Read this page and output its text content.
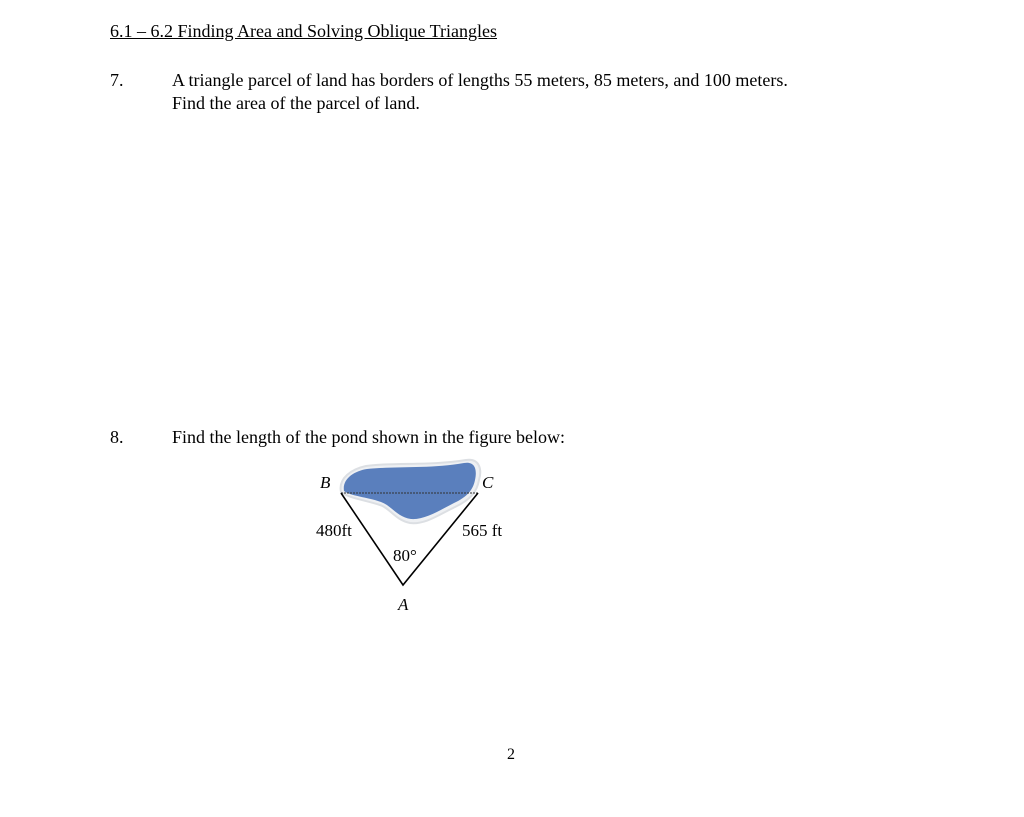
6.1 – 6.2 Finding Area and Solving Oblique Triangles
7.	A triangle parcel of land has borders of lengths 55 meters, 85 meters, and 100 meters.
Find the area of the parcel of land.
8.	Find the length of the pond shown in the figure below:
B	C
A
480ft	565 ft
80°
2
